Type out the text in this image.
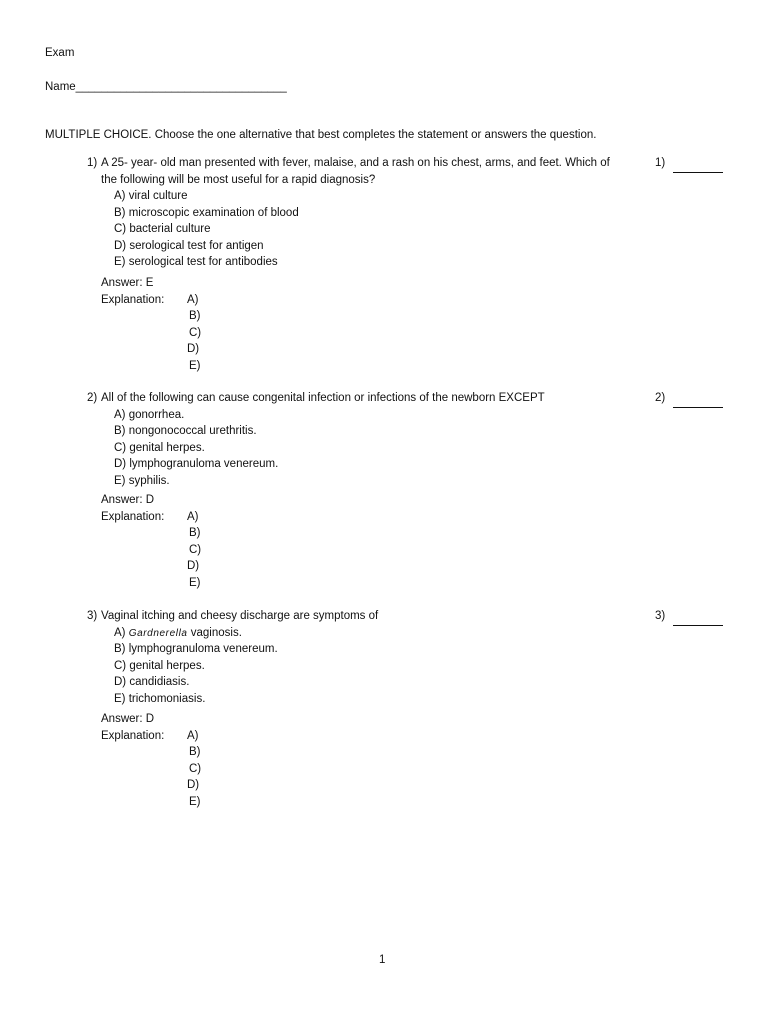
Exam
Name_________________________________
MULTIPLE CHOICE. Choose the one alternative that best completes the statement or answers the question.
1) A 25- year- old man presented with fever, malaise, and a rash on his chest, arms, and feet. Which of
the following will be most useful for a rapid diagnosis?
1)
A) viral culture
B) microscopic examination of blood
C) bacterial culture
D) serological test for antigen
E) serological test for antibodies
Answer: E
Explanation: A)
B)
C)
D)
E)
2) All of the following can cause congenital infection or infections of the newborn EXCEPT	2)
A) gonorrhea.
B) nongonococcal urethritis.
C) genital herpes.
D) lymphogranuloma venereum.
E) syphilis.
Answer: D
Explanation: A)
B)
C)
D)
E)
3) Vaginal itching and cheesy discharge are symptoms of	3)
A) Gardnerella vaginosis.
B) lymphogranuloma venereum.
C) genital herpes.
D) candidiasis.
E) trichomoniasis.
Answer: D
Explanation: A)
B)
C)
D)
E)
1
